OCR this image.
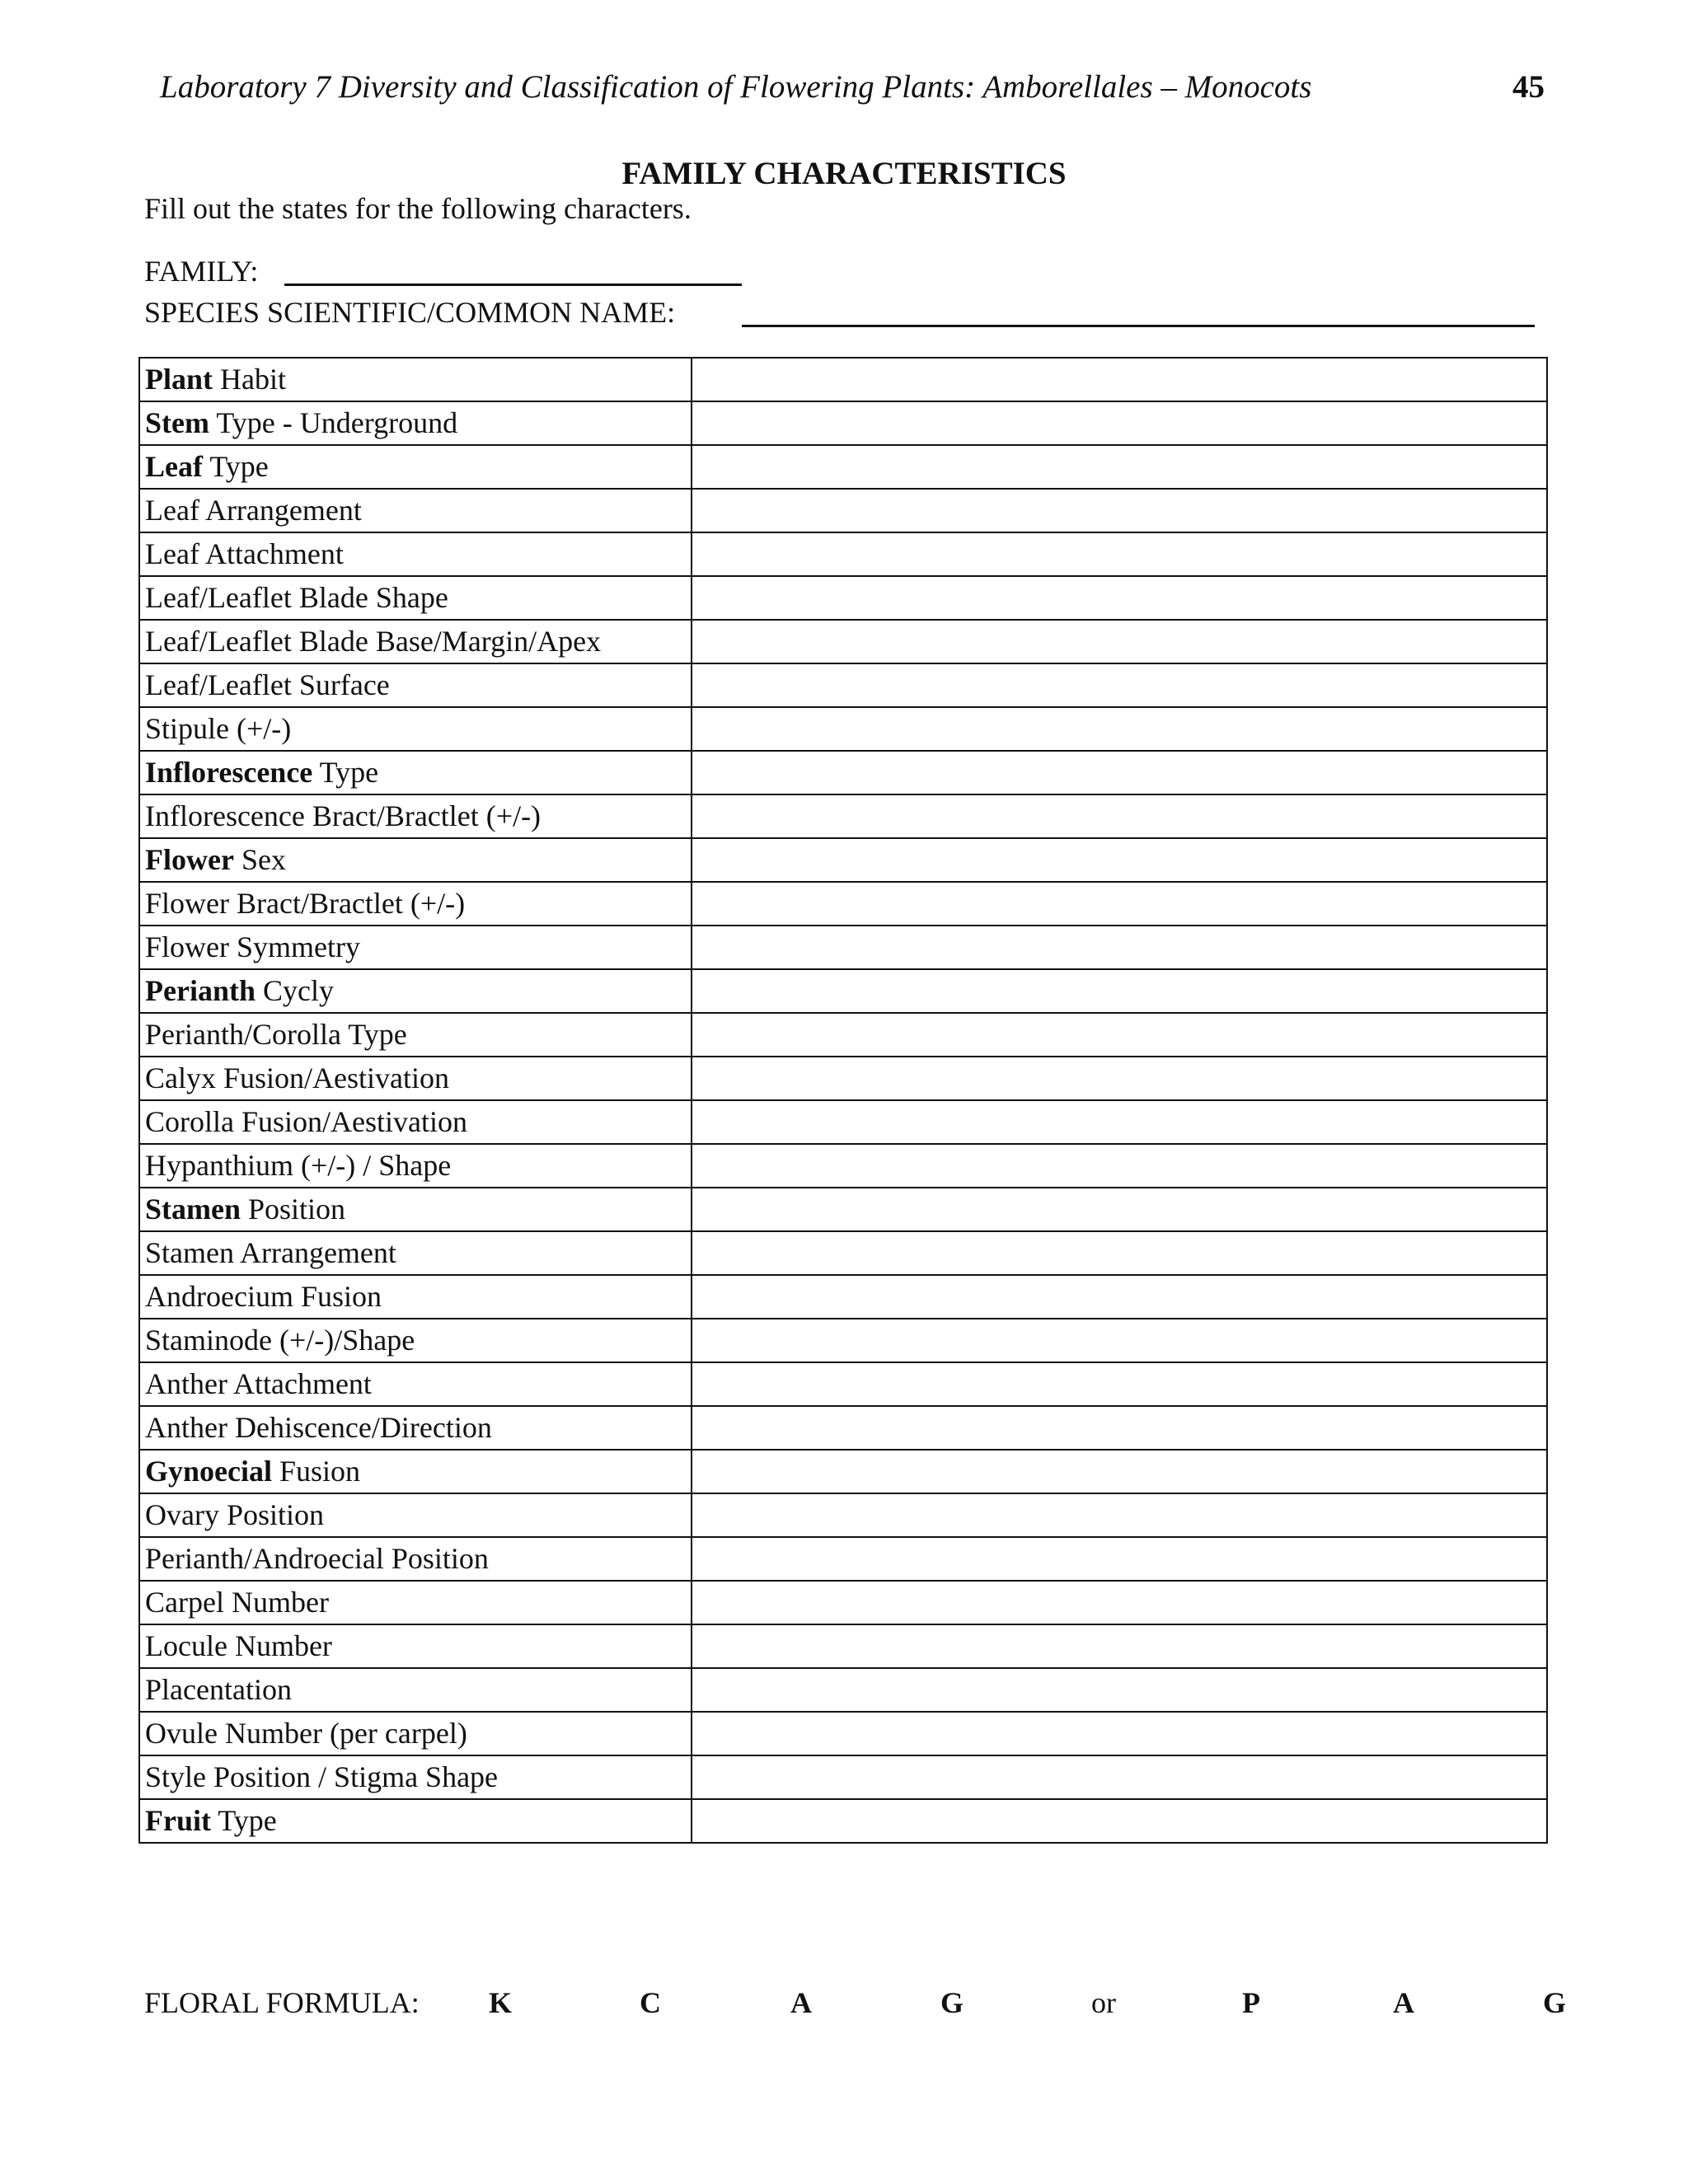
Laboratory 7 Diversity and Classification of Flowering Plants: Amborellales – Monocots	45
FAMILY CHARACTERISTICS
Fill out the states for the following characters.
FAMILY:
SPECIES SCIENTIFIC/COMMON NAME:
Plant Habit	
Stem Type - Underground	
Leaf Type	
Leaf Arrangement	
Leaf Attachment	
Leaf/Leaflet Blade Shape	
Leaf/Leaflet Blade Base/Margin/Apex	
Leaf/Leaflet Surface	
Stipule (+/-)	
Inflorescence Type	
Inflorescence Bract/Bractlet (+/-)	
Flower Sex	
Flower Bract/Bractlet (+/-)	
Flower Symmetry	
Perianth Cycly	
Perianth/Corolla Type	
Calyx Fusion/Aestivation	
Corolla Fusion/Aestivation	
Hypanthium (+/-) / Shape	
Stamen Position	
Stamen Arrangement	
Androecium Fusion	
Staminode (+/-)/Shape	
Anther Attachment	
Anther Dehiscence/Direction	
Gynoecial Fusion	
Ovary Position	
Perianth/Androecial Position	
Carpel Number	
Locule Number	
Placentation	
Ovule Number (per carpel)	
Style Position / Stigma Shape	
Fruit Type	
FLORAL FORMULA: K	C	A	G	or	P	A	G
